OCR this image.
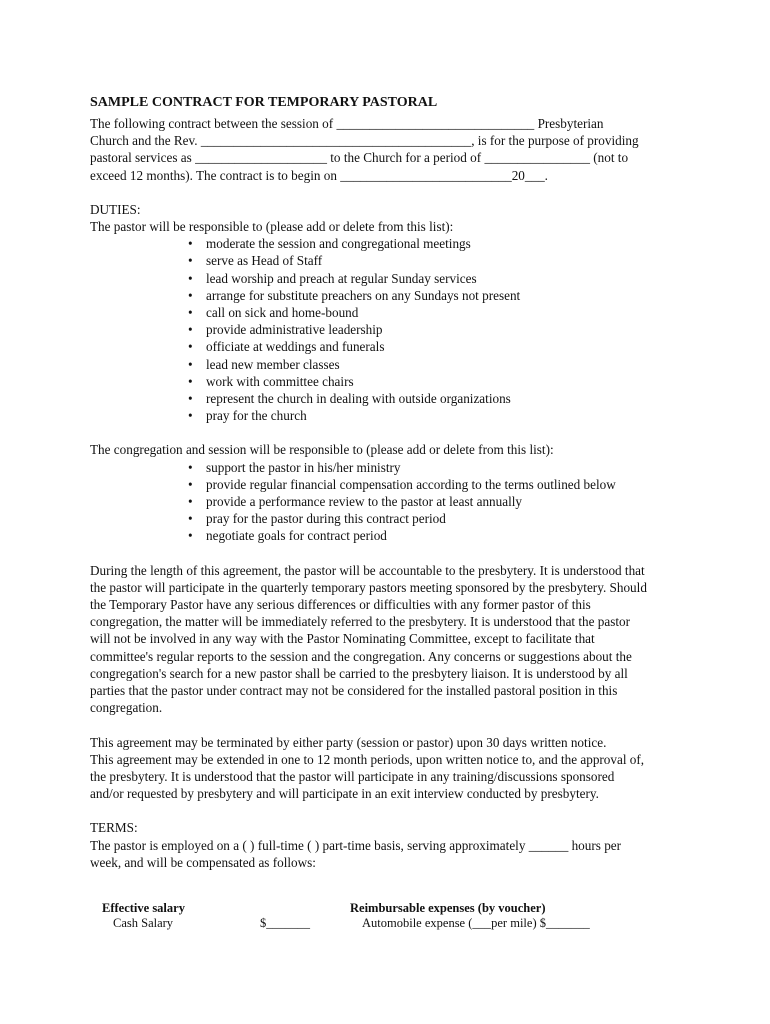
SAMPLE CONTRACT FOR TEMPORARY PASTORAL
The following contract between the session of ______________________________ Presbyterian
Church and the Rev. _________________________________________, is for the purpose of providing
pastoral services as ____________________ to the Church for a period of ________________ (not to
exceed 12 months). The contract is to begin on __________________________20___.
DUTIES:
The pastor will be responsible to (please add or delete from this list):
• moderate the session and congregational meetings
• serve as Head of Staff
• lead worship and preach at regular Sunday services
• arrange for substitute preachers on any Sundays not present
• call on sick and home-bound
• provide administrative leadership
• officiate at weddings and funerals
• lead new member classes
• work with committee chairs
• represent the church in dealing with outside organizations
• pray for the church
The congregation and session will be responsible to (please add or delete from this list):
• support the pastor in his/her ministry
• provide regular financial compensation according to the terms outlined below
• provide a performance review to the pastor at least annually
• pray for the pastor during this contract period
• negotiate goals for contract period
During the length of this agreement, the pastor will be accountable to the presbytery. It is understood that
the pastor will participate in the quarterly temporary pastors meeting sponsored by the presbytery. Should
the Temporary Pastor have any serious differences or difficulties with any former pastor of this
congregation, the matter will be immediately referred to the presbytery. It is understood that the pastor
will not be involved in any way with the Pastor Nominating Committee, except to facilitate that
committee's regular reports to the session and the congregation. Any concerns or suggestions about the
congregation's search for a new pastor shall be carried to the presbytery liaison. It is understood by all
parties that the pastor under contract may not be considered for the installed pastoral position in this
congregation.
This agreement may be terminated by either party (session or pastor) upon 30 days written notice.
This agreement may be extended in one to 12 month periods, upon written notice to, and the approval of,
the presbytery. It is understood that the pastor will participate in any training/discussions sponsored
and/or requested by presbytery and will participate in an exit interview conducted by presbytery.
TERMS:
The pastor is employed on a ( ) full-time ( ) part-time basis, serving approximately ______ hours per
week, and will be compensated as follows:
Effective salary
Cash Salary	$_______
Reimbursable expenses (by voucher)
Automobile expense (___per mile) $_______
